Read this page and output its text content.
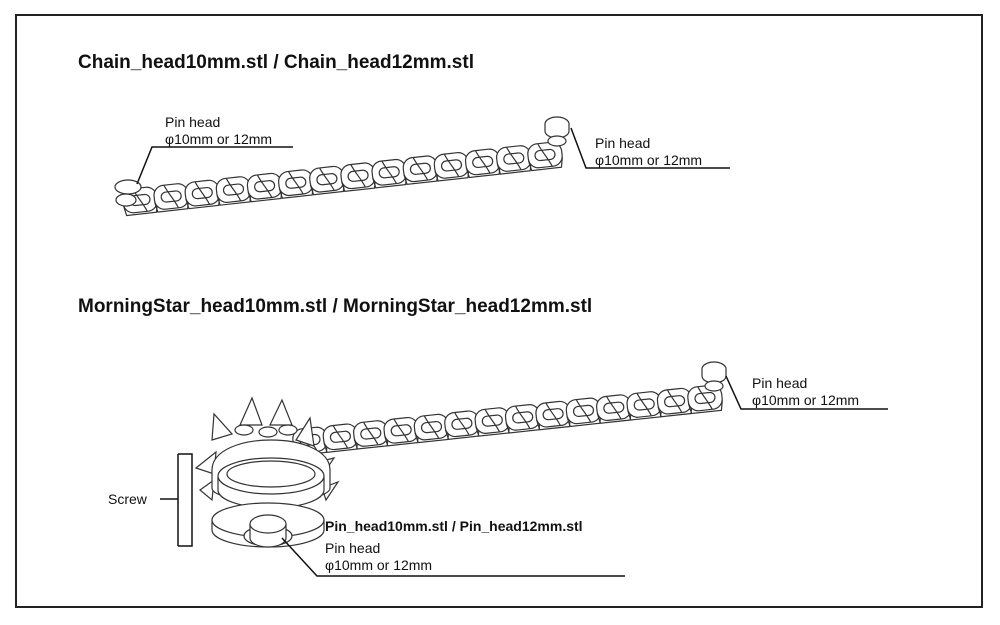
Chain_head10mm.stl / Chain_head12mm.stl
MorningStar_head10mm.stl / MorningStar_head12mm.stl
Pin head
φ10mm or 12mm	Pin head
φ10mm or 12mm
Pin head
φ10mm or 12mm
Screw
Pin_head10mm.stl / Pin_head12mm.stl
Pin head
φ10mm or 12mm
